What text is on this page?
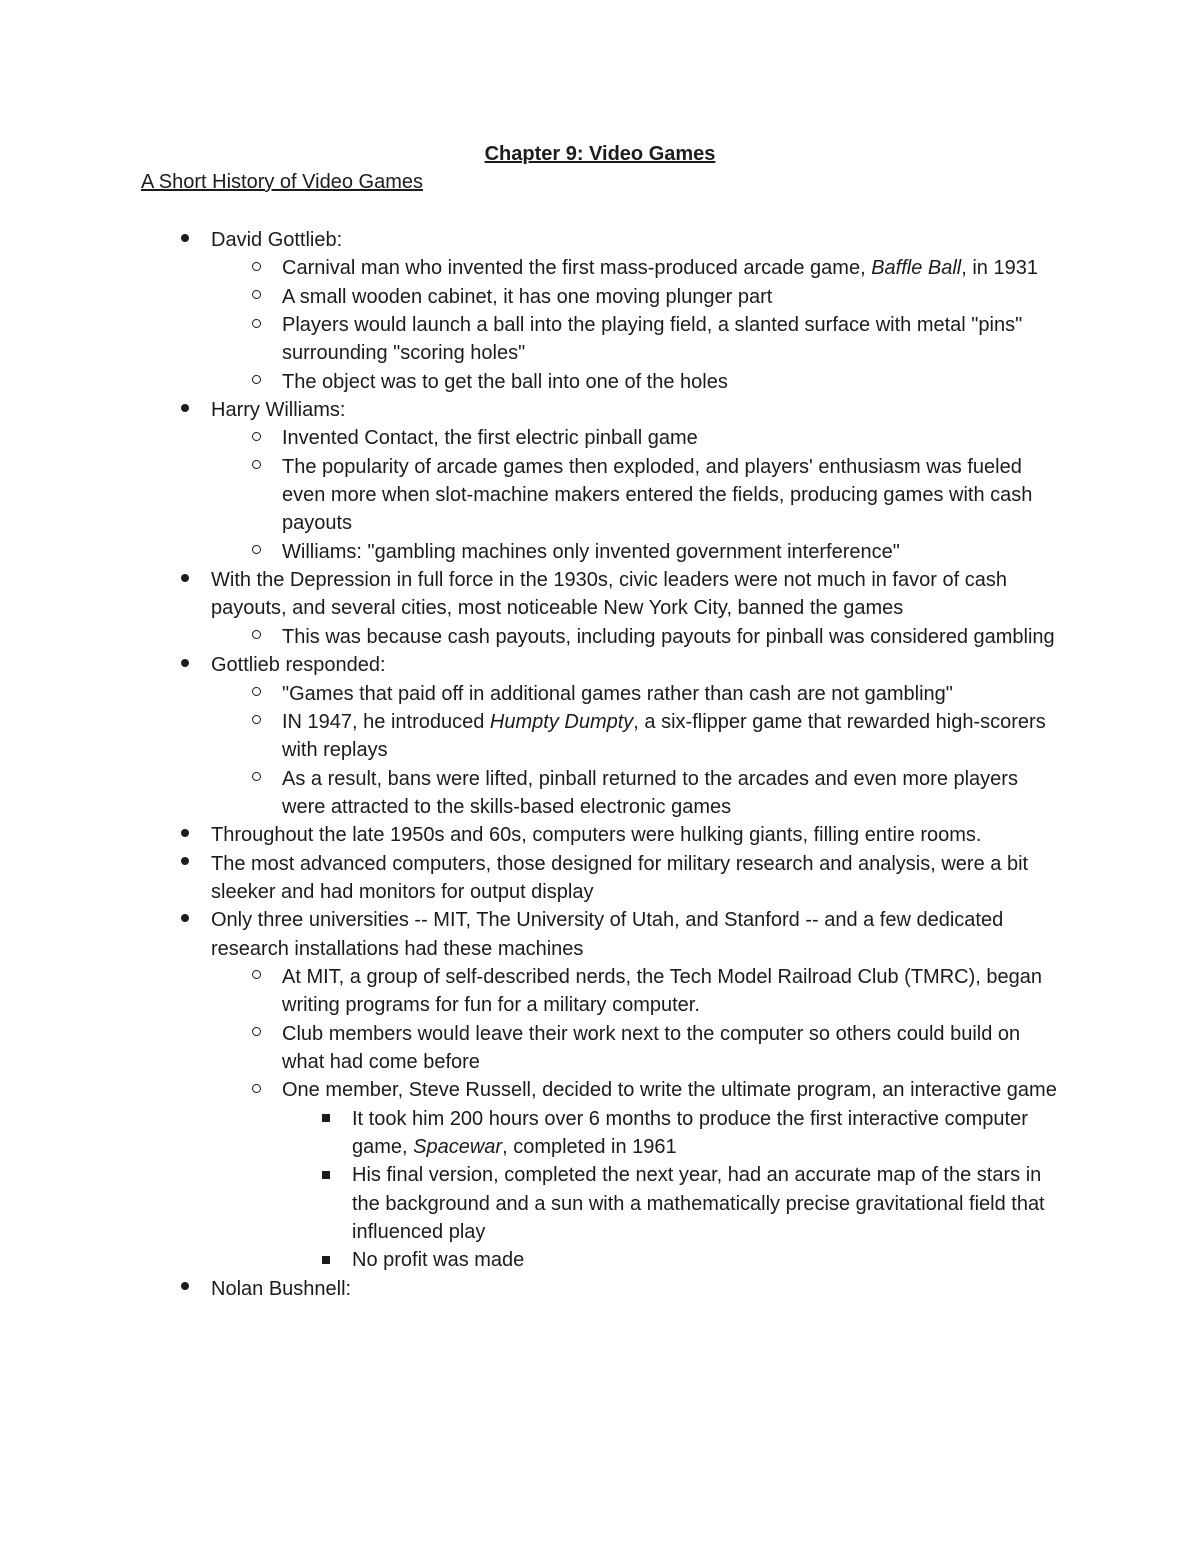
Chapter 9: Video Games
A Short History of Video Games
David Gottlieb:
Carnival man who invented the first mass-produced arcade game, Baffle Ball, in 1931
A small wooden cabinet, it has one moving plunger part
Players would launch a ball into the playing field, a slanted surface with metal "pins" surrounding "scoring holes"
The object was to get the ball into one of the holes
Harry Williams:
Invented Contact, the first electric pinball game
The popularity of arcade games then exploded, and players' enthusiasm was fueled even more when slot-machine makers entered the fields, producing games with cash payouts
Williams: "gambling machines only invented government interference"
With the Depression in full force in the 1930s, civic leaders were not much in favor of cash payouts, and several cities, most noticeable New York City, banned the games
This was because cash payouts, including payouts for pinball was considered gambling
Gottlieb responded:
"Games that paid off in additional games rather than cash are not gambling"
IN 1947, he introduced Humpty Dumpty, a six-flipper game that rewarded high-scorers with replays
As a result, bans were lifted, pinball returned to the arcades and even more players were attracted to the skills-based electronic games
Throughout the late 1950s and 60s, computers were hulking giants, filling entire rooms.
The most advanced computers, those designed for military research and analysis, were a bit sleeker and had monitors for output display
Only three universities -- MIT, The University of Utah, and Stanford -- and a few dedicated research installations had these machines
At MIT, a group of self-described nerds, the Tech Model Railroad Club (TMRC), began writing programs for fun for a military computer.
Club members would leave their work next to the computer so others could build on what had come before
One member, Steve Russell, decided to write the ultimate program, an interactive game
It took him 200 hours over 6 months to produce the first interactive computer game, Spacewar, completed in 1961
His final version, completed the next year, had an accurate map of the stars in the background and a sun with a mathematically precise gravitational field that influenced play
No profit was made
Nolan Bushnell:
